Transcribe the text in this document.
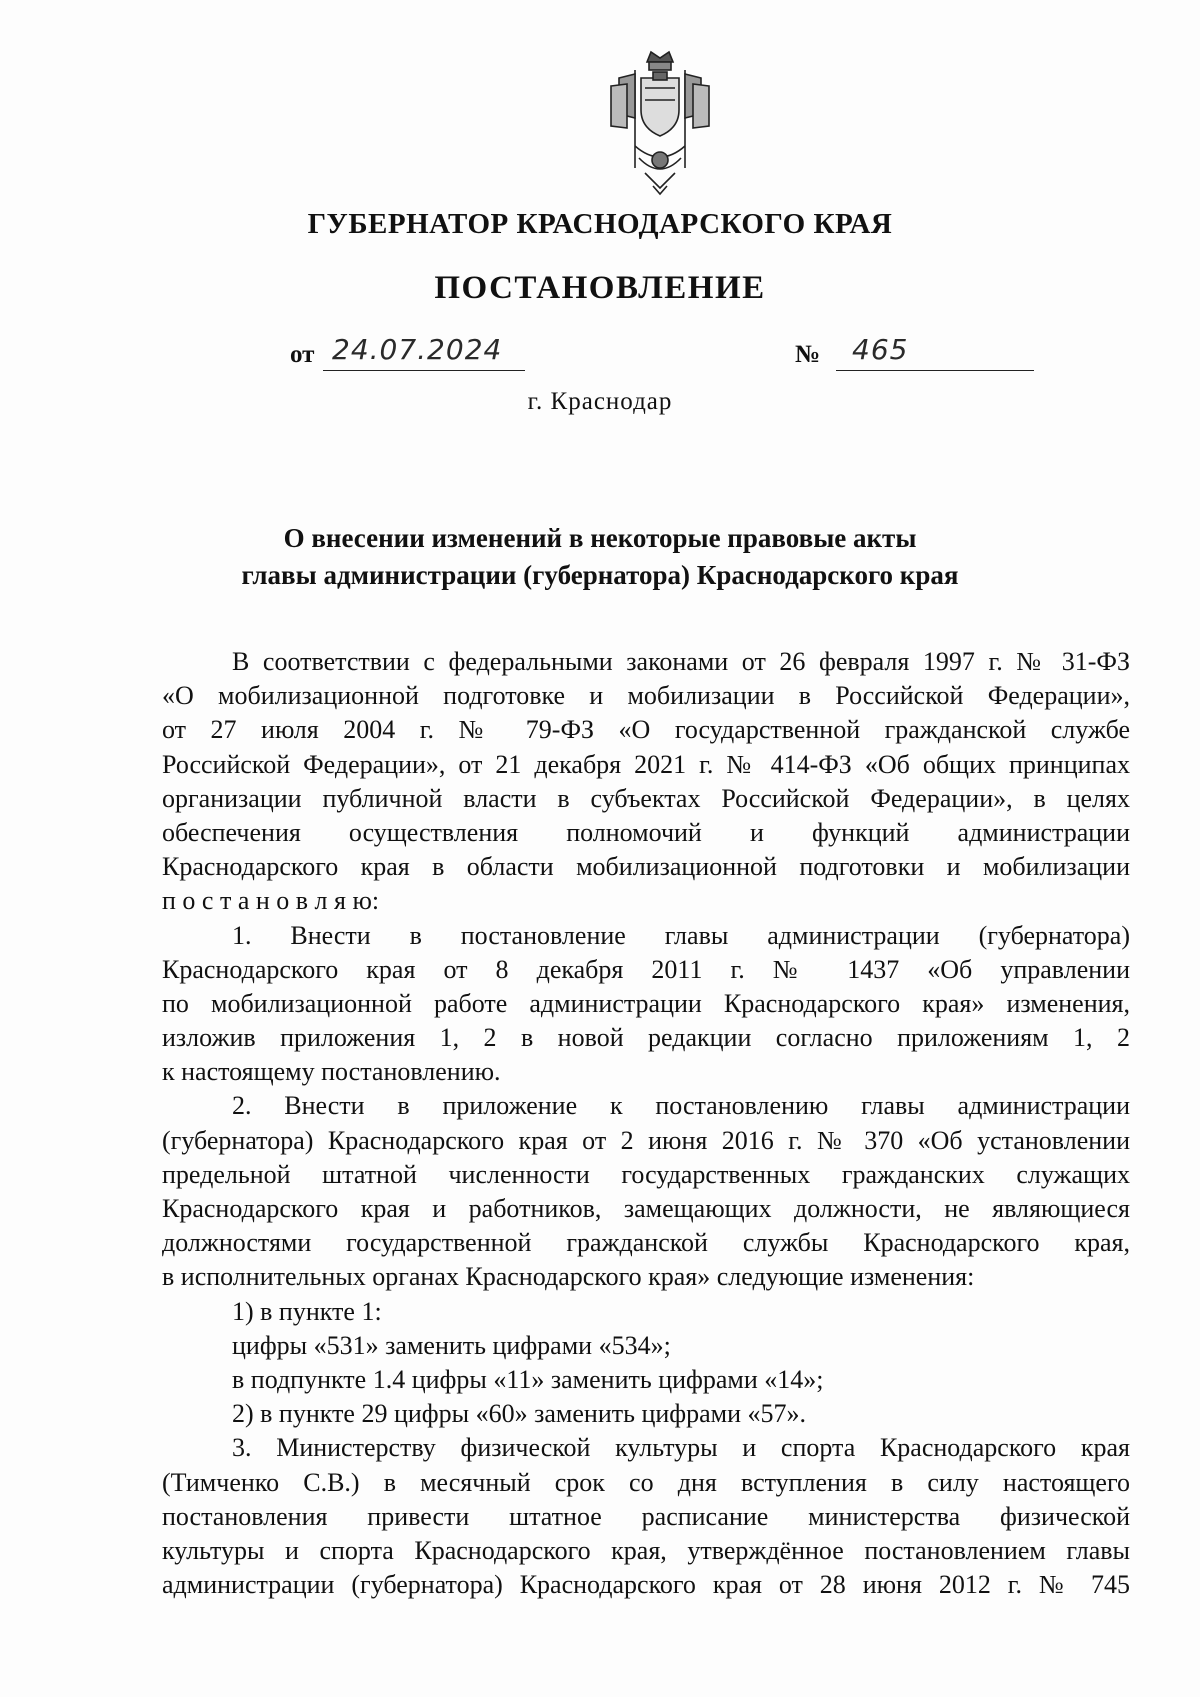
ГУБЕРНАТОР КРАСНОДАРСКОГО КРАЯ
ПОСТАНОВЛЕНИЕ
от 24.07.2024	№ 465
г. Краснодар
О внесении изменений в некоторые правовые акты
главы администрации (губернатора) Краснодарского края
В соответствии с федеральными законами от 26 февраля 1997 г. № 31-ФЗ
«О мобилизационной подготовке и мобилизации в Российской Федерации»,
от 27 июля 2004 г. № 79-ФЗ «О государственной гражданской службе
Российской Федерации», от 21 декабря 2021 г. № 414-ФЗ «Об общих принципах
организации публичной власти в субъектах Российской Федерации», в целях
обеспечения осуществления полномочий и функций администрации
Краснодарского края в области мобилизационной подготовки и мобилизации
п о с т а н о в л я ю:
1. Внести в постановление главы администрации (губернатора)
Краснодарского края от 8 декабря 2011 г. № 1437 «Об управлении
по мобилизационной работе администрации Краснодарского края» изменения,
изложив приложения 1, 2 в новой редакции согласно приложениям 1, 2
к настоящему постановлению.
2. Внести в приложение к постановлению главы администрации
(губернатора) Краснодарского края от 2 июня 2016 г. № 370 «Об установлении
предельной штатной численности государственных гражданских служащих
Краснодарского края и работников, замещающих должности, не являющиеся
должностями государственной гражданской службы Краснодарского края,
в исполнительных органах Краснодарского края» следующие изменения:
1) в пункте 1:
цифры «531» заменить цифрами «534»;
в подпункте 1.4 цифры «11» заменить цифрами «14»;
2) в пункте 29 цифры «60» заменить цифрами «57».
3. Министерству физической культуры и спорта Краснодарского края
(Тимченко С.В.) в месячный срок со дня вступления в силу настоящего
постановления привести штатное расписание министерства физической
культуры и спорта Краснодарского края, утверждённое постановлением главы
администрации (губернатора) Краснодарского края от 28 июня 2012 г. № 745
